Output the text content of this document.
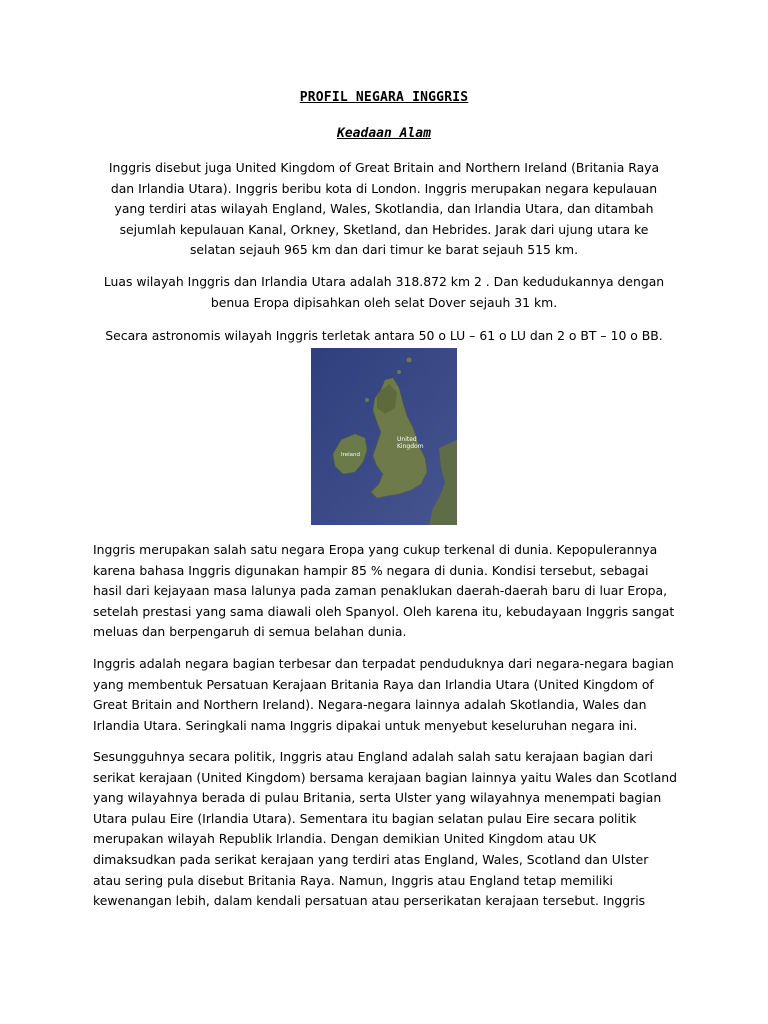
PROFIL NEGARA INGGRIS
Keadaan Alam

Inggris disebut juga United Kingdom of Great Britain and Northern Ireland (Britania Raya dan Irlandia Utara). Inggris beribu kota di London. Inggris merupakan negara kepulauan yang terdiri atas wilayah England, Wales, Skotlandia, dan Irlandia Utara, dan ditambah sejumlah kepulauan Kanal, Orkney, Sketland, dan Hebrides. Jarak dari ujung utara ke selatan sejauh 965 km dan dari timur ke barat sejauh 515 km.

Luas wilayah Inggris dan Irlandia Utara adalah 318.872 km 2 . Dan kedudukannya dengan benua Eropa dipisahkan oleh selat Dover sejauh 31 km.

Secara astronomis wilayah Inggris terletak antara 50 o LU – 61 o LU dan 2 o BT – 10 o BB.

United
Kingdom
Ireland

Inggris merupakan salah satu negara Eropa yang cukup terkenal di dunia. Kepopulerannya karena bahasa Inggris digunakan hampir 85 % negara di dunia. Kondisi tersebut, sebagai hasil dari kejayaan masa lalunya pada zaman penaklukan daerah-daerah baru di luar Eropa, setelah prestasi yang sama diawali oleh Spanyol. Oleh karena itu, kebudayaan Inggris sangat meluas dan berpengaruh di semua belahan dunia.

Inggris adalah negara bagian terbesar dan terpadat penduduknya dari negara-negara bagian yang membentuk Persatuan Kerajaan Britania Raya dan Irlandia Utara (United Kingdom of Great Britain and Northern Ireland). Negara-negara lainnya adalah Skotlandia, Wales dan Irlandia Utara. Seringkali nama Inggris dipakai untuk menyebut keseluruhan negara ini.

Sesungguhnya secara politik, Inggris atau England adalah salah satu kerajaan bagian dari serikat kerajaan (United Kingdom) bersama kerajaan bagian lainnya yaitu Wales dan Scotland yang wilayahnya berada di pulau Britania, serta Ulster yang wilayahnya menempati bagian Utara pulau Eire (Irlandia Utara). Sementara itu bagian selatan pulau Eire secara politik merupakan wilayah Republik Irlandia. Dengan demikian United Kingdom atau UK dimaksudkan pada serikat kerajaan yang terdiri atas England, Wales, Scotland dan Ulster atau sering pula disebut Britania Raya. Namun, Inggris atau England tetap memiliki kewenangan lebih, dalam kendali persatuan atau perserikatan kerajaan tersebut. Inggris
